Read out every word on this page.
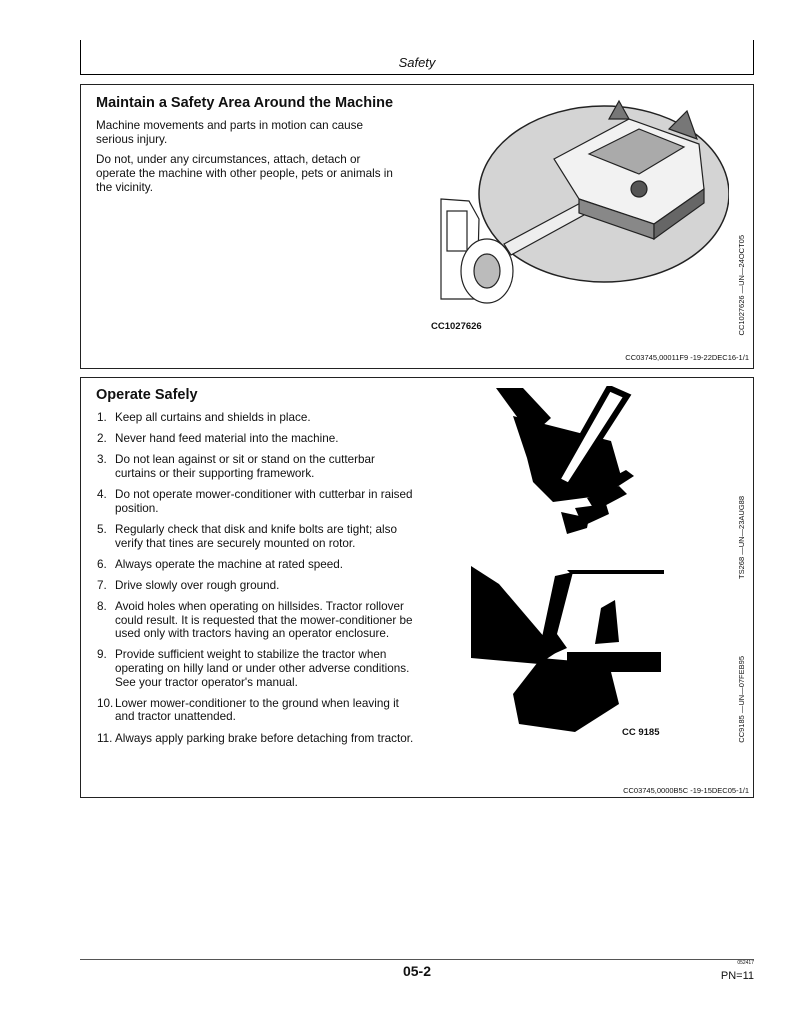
Safety
Maintain a Safety Area Around the Machine
Machine movements and parts in motion can cause serious injury.
Do not, under any circumstances, attach, detach or operate the machine with other people, pets or animals in the vicinity.
CC1027626	CC1027626 —UN—24OCT05
CC03745,00011F9 -19-22DEC16-1/1
Operate Safely
1. Keep all curtains and shields in place.
2. Never hand feed material into the machine.
3. Do not lean against or sit or stand on the cutterbar curtains or their supporting framework.
4. Do not operate mower-conditioner with cutterbar in raised position.
5. Regularly check that disk and knife bolts are tight; also verify that tines are securely mounted on rotor.
6. Always operate the machine at rated speed.
7. Drive slowly over rough ground.
8. Avoid holes when operating on hillsides. Tractor rollover could result. It is requested that the mower-conditioner be used only with tractors having an operator enclosure.
9. Provide sufficient weight to stabilize the tractor when operating on hilly land or under other adverse conditions. See your tractor operator's manual.
10. Lower mower-conditioner to the ground when leaving it and tractor unattended.
11. Always apply parking brake before detaching from tractor.
TS268 —UN—23AUG88
CC 9185	CC9185 —UN—07FEB95
CC03745,0000B5C -19-15DEC05-1/1
05-2	052417
PN=11
